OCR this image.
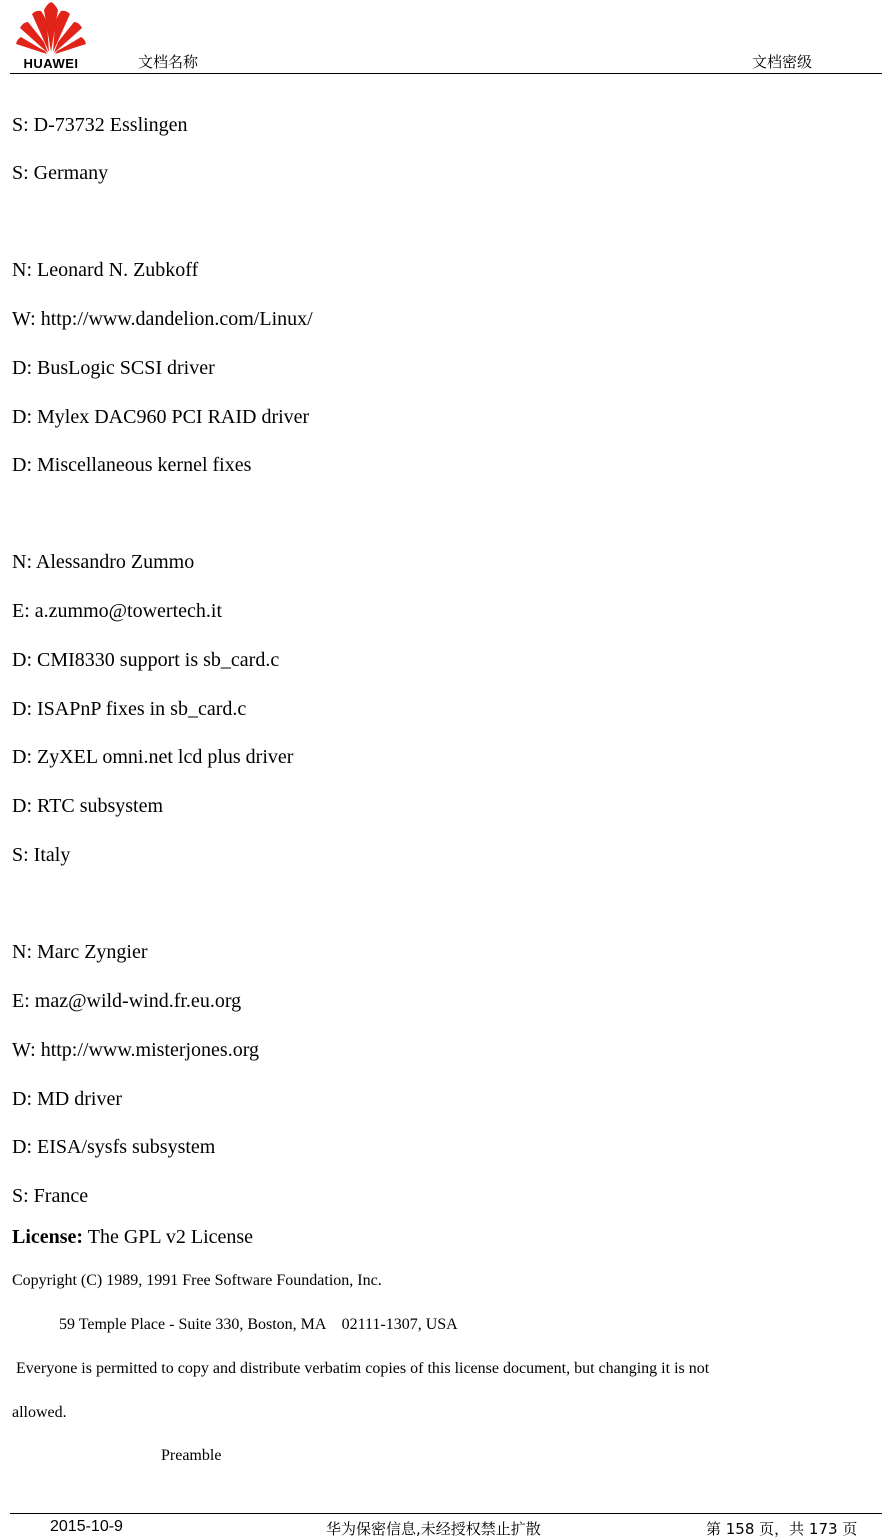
HUAWEI	文档名称	文档密级
S: D-73732 Esslingen
S: Germany
N: Leonard N. Zubkoff
W: http://www.dandelion.com/Linux/
D: BusLogic SCSI driver
D: Mylex DAC960 PCI RAID driver
D: Miscellaneous kernel fixes
N: Alessandro Zummo
E: a.zummo@towertech.it
D: CMI8330 support is sb_card.c
D: ISAPnP fixes in sb_card.c
D: ZyXEL omni.net lcd plus driver
D: RTC subsystem
S: Italy
N: Marc Zyngier
E: maz@wild-wind.fr.eu.org
W: http://www.misterjones.org
D: MD driver
D: EISA/sysfs subsystem
S: France
License: The GPL v2 License
Copyright (C) 1989, 1991 Free Software Foundation, Inc.
59 Temple Place - Suite 330, Boston, MA    02111-1307, USA
Everyone is permitted to copy and distribute verbatim copies of this license document, but changing it is not
allowed.
Preamble
2015-10-9	华为保密信息,未经授权禁止扩散	第 158 页，共 173 页
